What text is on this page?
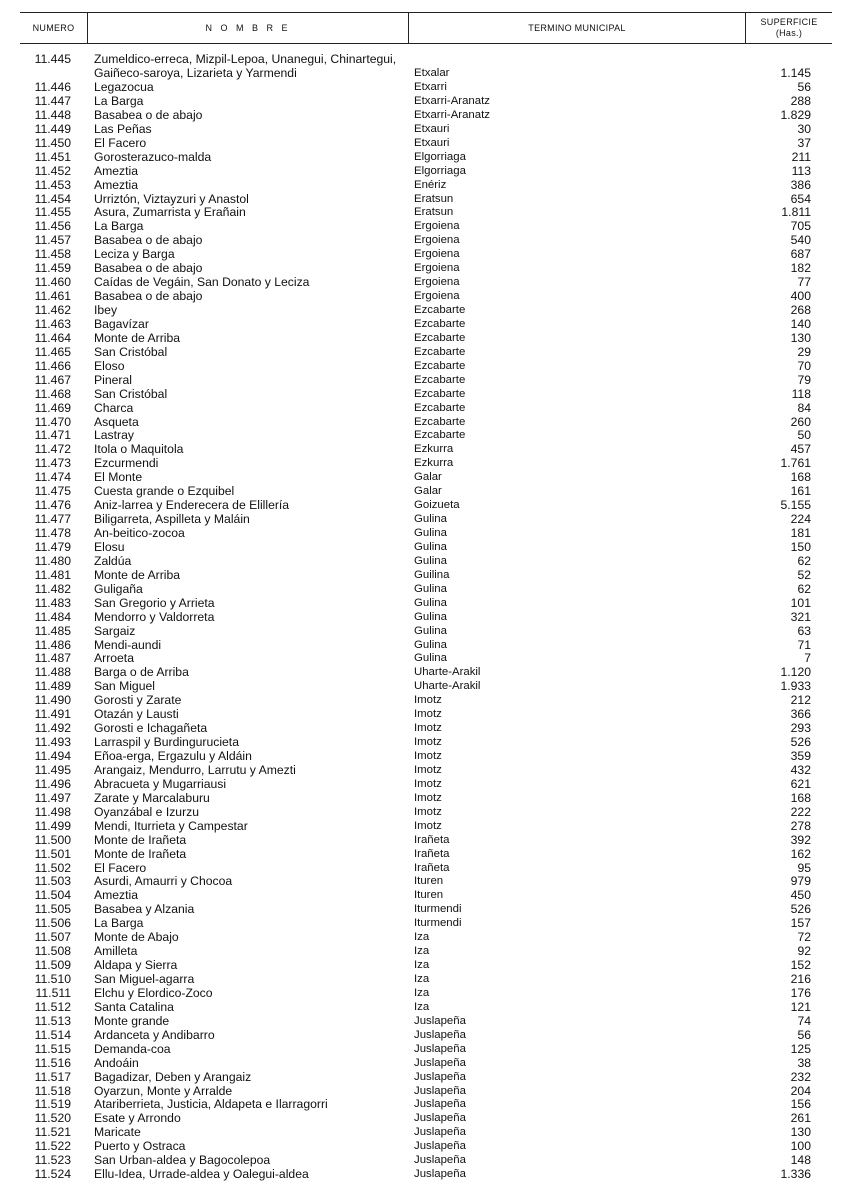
NUMERO	N O M B R E	TERMINO MUNICIPAL
SUPERFICIE
(Has.)
11.445 Zumeldico-erreca, Mizpil-Lepoa, Unanegui, Chinartegui,
Gaiñeco-saroya, Lizarieta y Yarmendi	Etxalar	1.145
11.446 Legazocua	Etxarri	56
11.447 La Barga	Etxarri-Aranatz	288
11.448 Basabea o de abajo	Etxarri-Aranatz	1.829
11.449 Las Peñas	Etxauri	30
11.450 El Facero	Etxauri	37
11.451 Gorosterazuco-malda	Elgorriaga	211
11.452 Ameztia	Elgorriaga	113
11.453 Ameztia	Enériz	386
11.454 Urriztón, Viztayzuri y Anastol	Eratsun	654
11.455 Asura, Zumarrista y Erañain	Eratsun	1.811
11.456 La Barga	Ergoiena	705
11.457 Basabea o de abajo	Ergoiena	540
11.458 Leciza y Barga	Ergoiena	687
11.459 Basabea o de abajo	Ergoiena	182
11.460 Caídas de Vegáin, San Donato y Leciza	Ergoiena	77
11.461 Basabea o de abajo	Ergoiena	400
11.462 Ibey	Ezcabarte	268
11.463 Bagavízar	Ezcabarte	140
11.464 Monte de Arriba	Ezcabarte	130
11.465 San Cristóbal	Ezcabarte	29
11.466 Eloso	Ezcabarte	70
11.467 Pineral	Ezcabarte	79
11.468 San Cristóbal	Ezcabarte	118
11.469 Charca	Ezcabarte	84
11.470 Asqueta	Ezcabarte	260
11.471 Lastray	Ezcabarte	50
11.472 Itola o Maquitola	Ezkurra	457
11.473 Ezcurmendi	Ezkurra	1.761
11.474 El Monte	Galar	168
11.475 Cuesta grande o Ezquibel	Galar	161
11.476 Aniz-larrea y Enderecera de Elillería	Goizueta	5.155
11.477 Biligarreta, Aspilleta y Maláin	Gulina	224
11.478 An-beitico-zocoa	Gulina	181
11.479 Elosu	Gulina	150
11.480 Zaldúa	Gulina	62
11.481 Monte de Arriba	Guilina	52
11.482 Guligaña	Gulina	62
11.483 San Gregorio y Arrieta	Gulina	101
11.484 Mendorro y Valdorreta	Gulina	321
11.485 Sargaiz	Gulina	63
11.486 Mendi-aundi	Gulina	71
11.487 Arroeta	Gulina	7
11.488 Barga o de Arriba	Uharte-Arakil	1.120
11.489 San Miguel	Uharte-Arakil	1.933
11.490 Gorosti y Zarate	Imotz	212
11.491 Otazán y Lausti	Imotz	366
11.492 Gorosti e Ichagañeta	Imotz	293
11.493 Larraspil y Burdingurucieta	Imotz	526
11.494 Eñoa-erga, Ergazulu y Aldáin	Imotz	359
11.495 Arangaiz, Mendurro, Larrutu y Amezti	Imotz	432
11.496 Abracueta y Mugarriausi	Imotz	621
11.497 Zarate y Marcalaburu	Imotz	168
11.498 Oyanzábal e Izurzu	Imotz	222
11.499 Mendi, Iturrieta y Campestar	Imotz	278
11.500 Monte de Irañeta	Irañeta	392
11.501 Monte de Irañeta	Irañeta	162
11.502 El Facero	Irañeta	95
11.503 Asurdi, Amaurri y Chocoa	Ituren	979
11.504 Ameztia	Ituren	450
11.505 Basabea y Alzania	Iturmendi	526
11.506 La Barga	Iturmendi	157
11.507 Monte de Abajo	Iza	72
11.508 Amilleta	Iza	92
11.509 Aldapa y Sierra	Iza	152
11.510 San Miguel-agarra	Iza	216
11.511 Elchu y Elordico-Zoco	Iza	176
11.512 Santa Catalina	Iza	121
11.513 Monte grande	Juslapeña	74
11.514 Ardanceta y Andibarro	Juslapeña	56
11.515 Demanda-coa	Juslapeña	125
11.516 Andoáin	Juslapeña	38
11.517 Bagadizar, Deben y Arangaiz	Juslapeña	232
11.518 Oyarzun, Monte y Arralde	Juslapeña	204
11.519 Atariberrieta, Justicia, Aldapeta e Ilarragorri	Juslapeña	156
11.520 Esate y Arrondo	Juslapeña	261
11.521 Maricate	Juslapeña	130
11.522 Puerto y Ostraca	Juslapeña	100
11.523 San Urban-aldea y Bagocolepoa	Juslapeña	148
11.524 Ellu-Idea, Urrade-aldea y Oalegui-aldea	Juslapeña	1.336
